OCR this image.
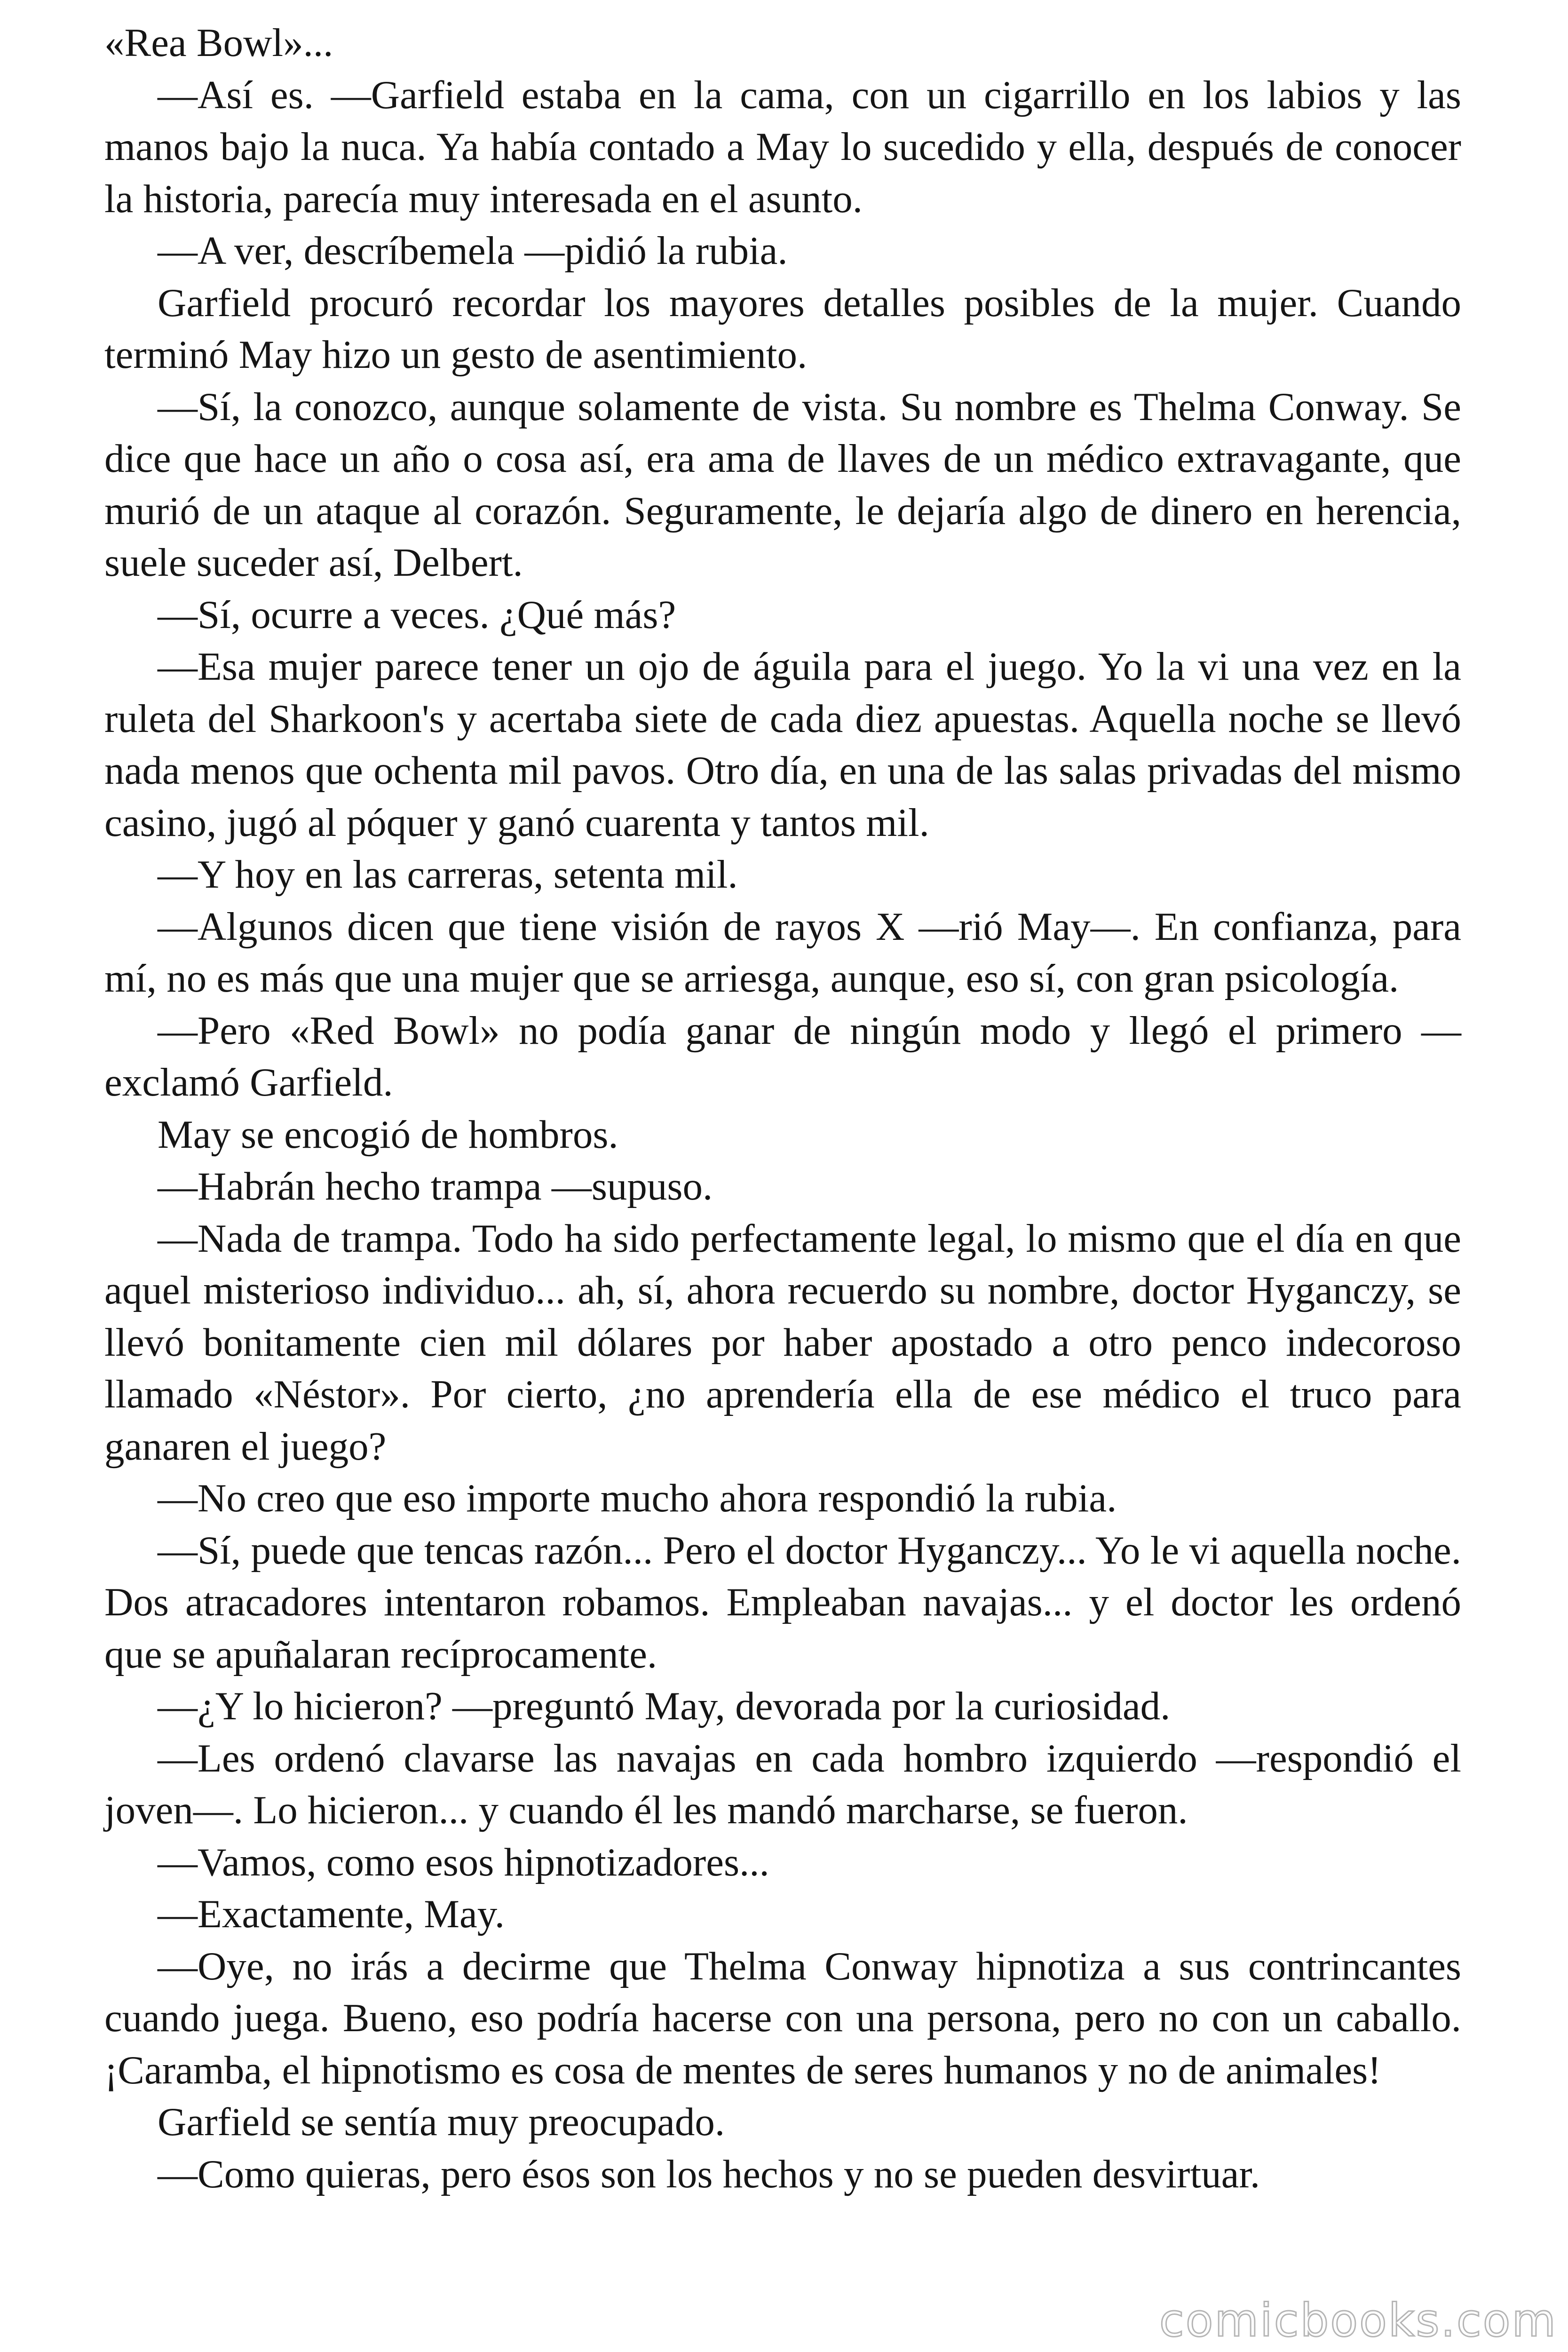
«Rea Bowl»...

—Así es. —Garfield estaba en la cama, con un cigarrillo en los labios y las manos bajo la nuca. Ya había contado a May lo sucedido y ella, después de conocer la historia, parecía muy interesada en el asunto.

—A ver, descríbemela —pidió la rubia.

Garfield procuró recordar los mayores detalles posibles de la mujer. Cuando terminó May hizo un gesto de asentimiento.

—Sí, la conozco, aunque solamente de vista. Su nombre es Thelma Conway. Se dice que hace un año o cosa así, era ama de llaves de un médico extravagante, que murió de un ataque al corazón. Seguramente, le dejaría algo de dinero en herencia, suele suceder así, Delbert.

—Sí, ocurre a veces. ¿Qué más?

—Esa mujer parece tener un ojo de águila para el juego. Yo la vi una vez en la ruleta del Sharkoon's y acertaba siete de cada diez apuestas. Aquella noche se llevó nada menos que ochenta mil pavos. Otro día, en una de las salas privadas del mismo casino, jugó al póquer y ganó cuarenta y tantos mil.

—Y hoy en las carreras, setenta mil.

—Algunos dicen que tiene visión de rayos X —rió May—. En confianza, para mí, no es más que una mujer que se arriesga, aunque, eso sí, con gran psicología.

—Pero «Red Bowl» no podía ganar de ningún modo y llegó el primero — exclamó Garfield.

May se encogió de hombros.

—Habrán hecho trampa —supuso.

—Nada de trampa. Todo ha sido perfectamente legal, lo mismo que el día en que aquel misterioso individuo... ah, sí, ahora recuerdo su nombre, doctor Hyganczy, se llevó bonitamente cien mil dólares por haber apostado a otro penco indecoroso llamado «Néstor». Por cierto, ¿no aprendería ella de ese médico el truco para ganaren el juego?

—No creo que eso importe mucho ahora respondió la rubia.

—Sí, puede que tencas razón... Pero el doctor Hyganczy... Yo le vi aquella noche. Dos atracadores intentaron robamos. Empleaban navajas... y el doctor les ordenó que se apuñalaran recíprocamente.

—¿Y lo hicieron? —preguntó May, devorada por la curiosidad.

—Les ordenó clavarse las navajas en cada hombro izquierdo —respondió el joven—. Lo hicieron... y cuando él les mandó marcharse, se fueron.

—Vamos, como esos hipnotizadores...

—Exactamente, May.

—Oye, no irás a decirme que Thelma Conway hipnotiza a sus contrincantes cuando juega. Bueno, eso podría hacerse con una persona, pero no con un caballo. ¡Caramba, el hipnotismo es cosa de mentes de seres humanos y no de animales!

Garfield se sentía muy preocupado.

—Como quieras, pero ésos son los hechos y no se pueden desvirtuar.

comicbooks.com
